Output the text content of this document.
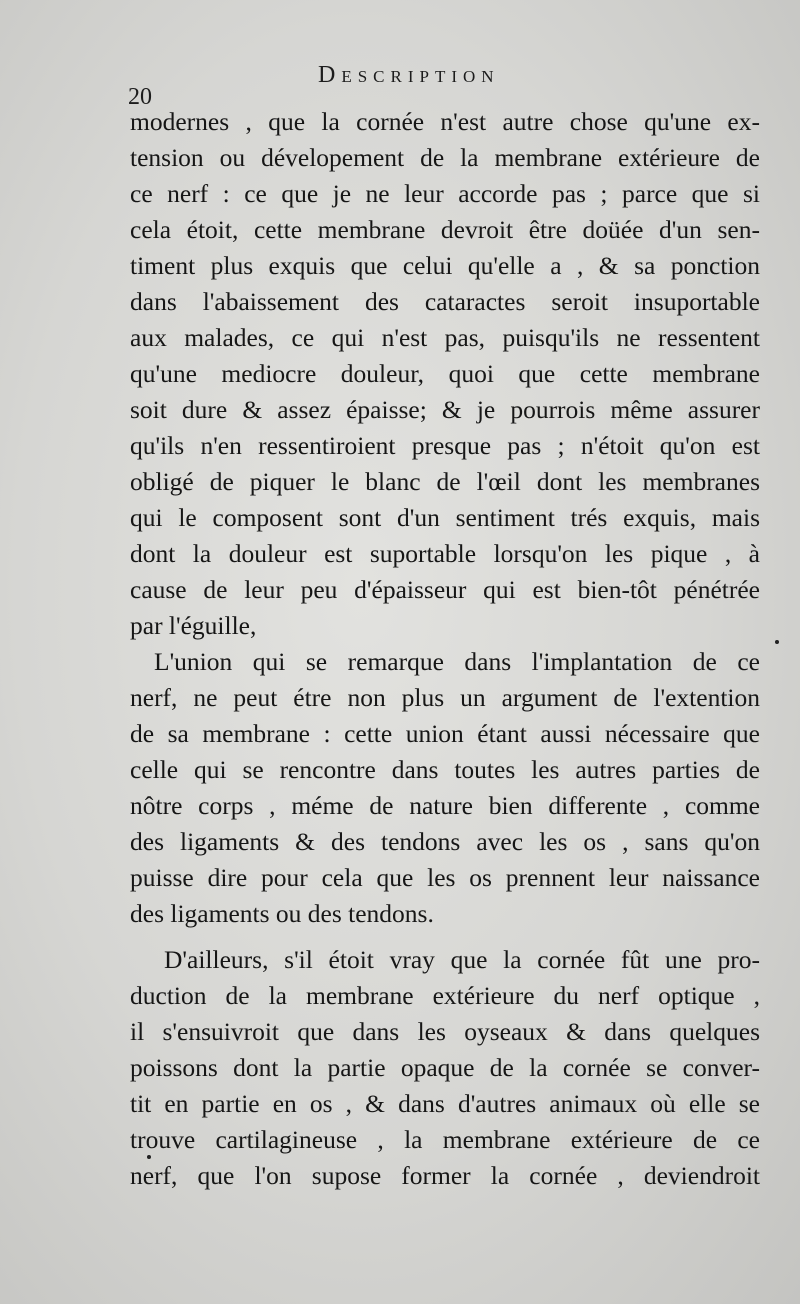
20
Description
modernes , que la cornée n'est autre chose qu'une ex-
tension ou dévelopement de la membrane extérieure de
ce nerf : ce que je ne leur accorde pas ; parce que si
cela étoit, cette membrane devroit être doüée d'un sen-
timent plus exquis que celui qu'elle a , & sa ponction
dans l'abaissement des cataractes seroit insuportable
aux malades, ce qui n'est pas, puisqu'ils ne ressentent
qu'une mediocre douleur, quoi que cette membrane
soit dure & assez épaisse; & je pourrois même assurer
qu'ils n'en ressentiroient presque pas ; n'étoit qu'on est
obligé de piquer le blanc de l'œil dont les membranes
qui le composent sont d'un sentiment trés exquis, mais
dont la douleur est suportable lorsqu'on les pique , à
cause de leur peu d'épaisseur qui est bien-tôt pénétrée
par l'éguille,
L'union qui se remarque dans l'implantation de ce
nerf, ne peut étre non plus un argument de l'extention
de sa membrane : cette union étant aussi nécessaire que
celle qui se rencontre dans toutes les autres parties de
nôtre corps , méme de nature bien differente , comme
des ligaments & des tendons avec les os , sans qu'on
puisse dire pour cela que les os prennent leur naissance
des ligaments ou des tendons.
D'ailleurs, s'il étoit vray que la cornée fût une pro-
duction de la membrane extérieure du nerf optique ,
il s'ensuivroit que dans les oyseaux & dans quelques
poissons dont la partie opaque de la cornée se conver-
tit en partie en os , & dans d'autres animaux où elle se
trouve cartilagineuse , la membrane extérieure de ce
nerf, que l'on supose former la cornée , deviendroit
